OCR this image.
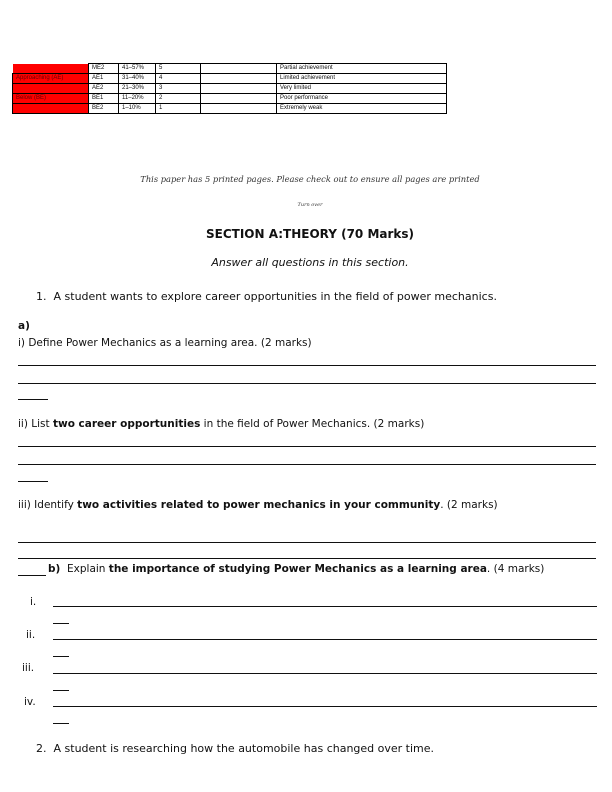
	ME2	41–57%	5		Partial achievement
Approaching (AE)	AE1	31–40%	4		Limited achievement
	AE2	21–30%	3		Very limited
Below (BE)	BE1	11–20%	2		Poor performance
	BE2	1–10%	1		Extremely weak
This paper has 5 printed pages. Please check out to ensure all pages are printed
Turn over
SECTION A:THEORY (70 Marks)
Answer all questions in this section.
1. A student wants to explore career opportunities in the field of power mechanics.
a)
i) Define Power Mechanics as a learning area. (2 marks)
ii) List two career opportunities in the field of Power Mechanics. (2 marks)
iii) Identify two activities related to power mechanics in your community. (2 marks)
b) Explain the importance of studying Power Mechanics as a learning area. (4 marks)
i.
ii.
iii.
iv.
2. A student is researching how the automobile has changed over time.
